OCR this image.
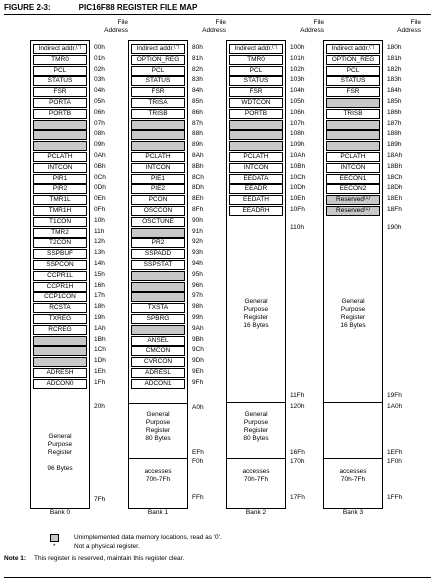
FIGURE 2-3:	PIC16F88 REGISTER FILE MAP
File
Address
Indirect addr.(*)
TMR0
PCL
STATUS
FSR
PORTA
PORTB
PCLATH
INTCON
PIR1
PIR2
TMR1L
TMR1H
T1CON
TMR2
T2CON
SSPBUF
SSPCON
CCPR1L
CCPR1H
CCP1CON
RCSTA
TXREG
RCREG
ADRESH
ADCON0
General
Purpose
Register

96 Bytes
00h
01h
02h
03h
04h
05h
06h
07h
08h
09h
0Ah
0Bh
0Ch
0Dh
0Eh
0Fh
10h
11h
12h
13h
14h
15h
16h
17h
18h
19h
1Ah
1Bh
1Ch
1Dh
1Eh
1Fh
20h
7Fh
Bank 0
File
Address
Indirect addr.(*)
OPTION_REG
PCL
STATUS
FSR
TRISA
TRISB
PCLATH
INTCON
PIE1
PIE2
PCON
OSCCON
OSCTUNE
PR2
SSPADD
SSPSTAT
TXSTA
SPBRG
ANSEL
CMCON
CVRCON
ADRESL
ADCON1
General
Purpose
Register
80 Bytes
accesses
70h-7Fh
80h
81h
82h
83h
84h
85h
86h
87h
88h
89h
8Ah
8Bh
8Ch
8Dh
8Eh
8Fh
90h
91h
92h
93h
94h
95h
96h
97h
98h
99h
9Ah
9Bh
9Ch
9Dh
9Eh
9Fh
A0h
EFh
F0h
FFh
Bank 1
File
Address
Indirect addr.(*)
TMR0
PCL
STATUS
FSR
WDTCON
PORTB
PCLATH
INTCON
EEDATA
EEADR
EEDATH
EEADRH
General
Purpose
Register
16 Bytes
General
Purpose
Register
80 Bytes
accesses
70h-7Fh
100h
101h
102h
103h
104h
105h
106h
107h
108h
109h
10Ah
10Bh
10Ch
10Dh
10Eh
10Fh
110h
11Fh
120h
16Fh
170h
17Fh
Bank 2
File
Address
Indirect addr.(*)
OPTION_REG
PCL
STATUS
FSR
TRISB
PCLATH
INTCON
EECON1
EECON2
Reserved$^{(1)}$
Reserved$^{(1)}$
General
Purpose
Register
16 Bytes
accesses
70h-7Fh
180h
181h
182h
183h
184h
185h
186h
187h
188h
189h
18Ah
18Bh
18Ch
18Dh
18Eh
18Fh
190h
19Fh
1A0h
1EFh
1F0h
1FFh
Bank 3
Unimplemented data memory locations, read as '0'.
*	Not a physical register.
Note 1: This register is reserved, maintain this register clear.
